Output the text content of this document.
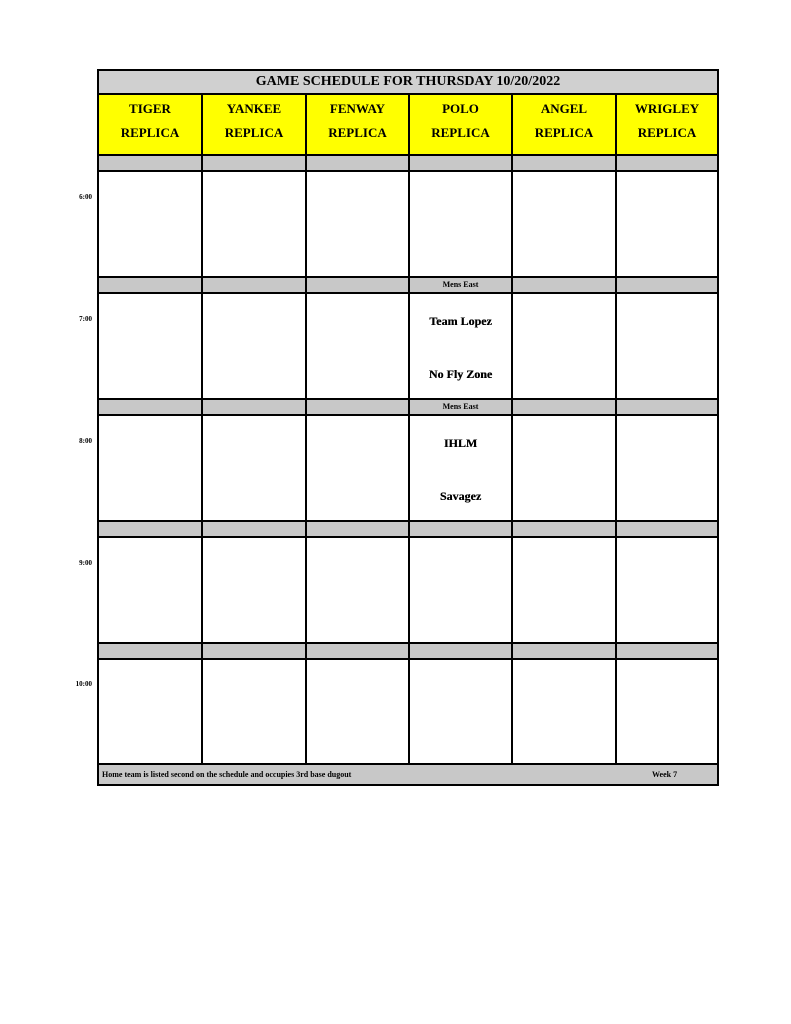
GAME SCHEDULE FOR THURSDAY 10/20/2022
TIGER
REPLICA
YANKEE
REPLICA
FENWAY
REPLICA
POLO
REPLICA
ANGEL
REPLICA
WRIGLEY
REPLICA
Mens East
Team Lopez
No Fly Zone
Mens East
IHLM
Savagez
Home team is listed second on the schedule and occupies 3rd base dugout	Week 7
6:00
7:00
8:00
9:00
10:00
